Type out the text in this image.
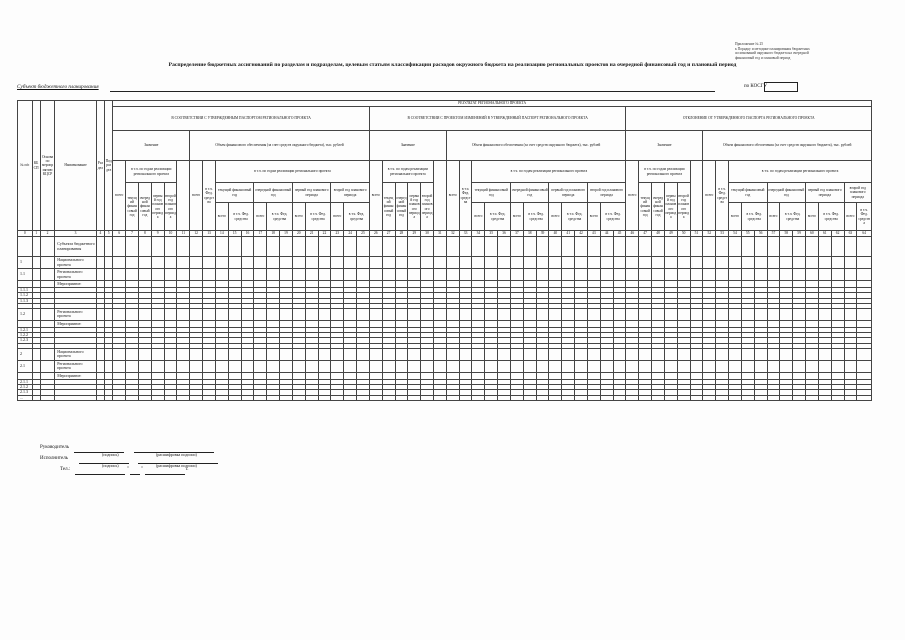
Приложение № 25
к Порядку и методике планирования бюджетных
ассигнований окружного бюджета на очередной
финансовый год и плановый период
Распределение бюджетных ассигнований по разделам и подразделам, целевым статьям классификации расходов окружного бюджета на реализацию региональных проектов на очередной финансовый год и плановый период
Субъект бюджетного планирования	по КОСГУ
№ п/п	КБ СП	Основа по мероприятию КЦСР	Наименование	Раздел	Подраздел	РЕЗУЛЬТАТ РЕГИОНАЛЬНОГО ПРОЕКТА
В СООТВЕТСТВИИ С УТВЕРЖДЕННЫМ ПАСПОРТОМ РЕГИОНАЛЬНОГО ПРОЕКТА	В СООТВЕТСТВИИ С ПРОЕКТОМ ИЗМЕНЕНИЙ В УТВЕРЖДЕННЫЙ ПАСПОРТ РЕГИОНАЛЬНОГО ПРОЕКТА	ОТКЛОНЕНИЕ ОТ УТВЕРЖДЕННОГО ПАСПОРТА РЕГИОНАЛЬНОГО ПРОЕКТА
Значение	Объем финансового обеспечения (за счет средств окружного бюджета), тыс. рублей	Значение	Объем финансового обеспечения (за счет средств окружного бюджета), тыс. рублей	Значение	Объем финансового обеспечения (за счет средств окружного бюджета), тыс. рублей
всего	в т.ч. по годам реализации регионального проекта		всего	в т.ч. Фед. средства	в т.ч. по годам реализации регионального проекта	всего	в т.ч. по годам реализации регионального проекта		всего	в т.ч. Фед. средства	в т.ч. по годам реализации регионального проекта	всего	в т.ч. по годам реализации регионального проекта		всего	в т.ч. Фед. средства	в т.ч. по годам реализации регионального проекта
текущий финансовый год	очередной финансовый год	первый год планового периода	второй год планового периода	текущий финансовый год	очередной финансовый год	первый год планового периода	второй год планового периода	текущий финансовый год	очередной финансовый год	первый год планового периода	второй год планового периода	текущий финансовый год	очередной финансовый год	первый год планового периода	второй год планового периода	текущий финансовый год	очередной финансовый год	первый год планового периода	второй год планового периода	текущий финансовый год	очередной финансовый год	первый год планового периода	второй год планового периода
всего	в т.ч. Фед. средства	всего	в т.ч. Фед. средства	всего	в т.ч. Фед. средства	всего	в т.ч. Фед. средства	всего	в т.ч. Фед. средства	всего	в т.ч. Фед. средства	всего	в т.ч. Фед. средства	всего	в т.ч. Фед. средства	всего	в т.ч. Фед. средства	всего	в т.ч. Фед. средства	всего	в т.ч. Фед. средства	всего	в т.ч. Фед. средства
0	1	2	3	4	5	6	7	8	9	10	11	12	13	14	15	16	17	18	19	20	21	22	23	24	25	26	27	28	29	30	31	32	33	34	35	36	37	38	39	40	41	42	43	44	45	46	47	48	49	50	51	52	53	54	55	56	57	58	59	60	61	62	63	64
			Субъекта бюджетного планирования																																																													
1			Национального проекта																																																													
1.1			Регионального проекта																																																													
			Мероприятие:																																																													
1.1.1																																																																
1.1.2																																																																
1.1.3																																																																

1.2			Регионального проекта																																																													
			Мероприятие:																																																													
1.2.1																																																																
1.2.2																																																																
1.2.3																																																																

2			Национального проекта																																																													
2.1			Регионального проекта																																																													
			Мероприятие:																																																													
2.1.1																																																																
2.1.2																																																																
2.1.3																																																																
...																																																																
Руководитель
(подпись)	(расшифровка подписи)
Исполнитель
(подпись)	(расшифровка подписи)
Тел.:	"	"	г.
